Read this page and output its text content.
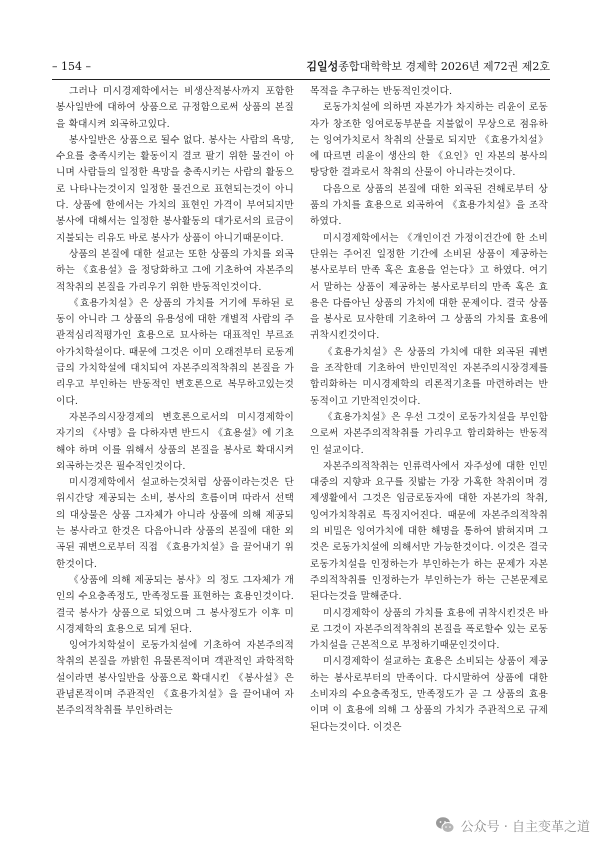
– 154 –	김일성종합대학학보 경제학 2026년 제72권 제2호

그러나 미시경제학에서는 비생산적봉사까지 포함한 봉사일반에 대하여 상품으로 규정함으로써 상품의 본질을 확대시켜 외곡하고있다.

봉사일반은 상품으로 될수 없다. 봉사는 사람의 욕망, 수요를 충족시키는 활동이지 결코 팔기 위한 물건이 아니며 사람들의 일정한 욕망을 충족시키는 사람의 활동으로 나타나는것이지 일정한 물건으로 표현되는것이 아니다. 상품에 한에서는 가치의 표현인 가격이 부여되지만 봉사에 대해서는 일정한 봉사활동의 대가로서의 료금이 지불되는 리유도 바로 봉사가 상품이 아니기때문이다.

상품의 본질에 대한 설교는 또한 상품의 가치를 외곡하는 《효용설》을 정당화하고 그에 기초하여 자본주의적착취의 본질을 가리우기 위한 반동적인것이다.

《효용가치설》은 상품의 가치를 거기에 투하된 로동이 아니라 그 상품의 유용성에 대한 개별적 사람의 주관적심리적평가인 효용으로 묘사하는 대표적인 부르죠아가치학설이다. 때문에 그것은 이미 오래전부터 로동계급의 가치학설에 대치되여 자본주의적착취의 본질을 가리우고 부인하는 반동적인 변호론으로 복무하고있는것이다.

자본주의시장경제의 변호론으로서의 미시경제학이 자기의 《사명》을 다하자면 반드시 《효용설》에 기초해야 하며 이를 위해서 상품의 본질을 봉사로 확대시켜 외곡하는것은 필수적인것이다.

미시경제학에서 설교하는것처럼 상품이라는것은 단위시간당 제공되는 소비, 봉사의 흐름이며 따라서 선택의 대상물은 상품 그자체가 아니라 상품에 의해 제공되는 봉사라고 한것은 다음아니라 상품의 본질에 대한 외곡된 궤변으로부터 직접 《효용가치설》을 끌어내기 위한것이다.

《상품에 의해 제공되는 봉사》의 정도 그자체가 개인의 수요충족정도, 만족정도를 표현하는 효용인것이다. 결국 봉사가 상품으로 되었으며 그 봉사정도가 이후 미시경제학의 효용으로 되게 된다.

잉여가치학설이 로동가치설에 기초하여 자본주의적착취의 본질을 까밝힌 유물론적이며 객관적인 과학적학설이라면 봉사일반을 상품으로 확대시킨 《봉사설》은 관념론적이며 주관적인 《효용가치설》을 끌어내여 자본주의적착취를 부인하려는

목적을 추구하는 반동적인것이다.

로동가치설에 의하면 자본가가 차지하는 리윤이 로동자가 창조한 잉여로동부분을 지불없이 무상으로 점유하는 잉여가치로서 착취의 산물로 되지만 《효용가치설》에 따르면 리윤이 생산의 한 《요인》인 자본의 봉사의 탕당한 결과로서 착취의 산물이 아니라는것이다.

다음으로 상품의 본질에 대한 외곡된 견해로부터 상품의 가치를 효용으로 외곡하여 《효용가치설》을 조작하였다.

미시경제학에서는 《개인이건 가정이건간에 한 소비단위는 주어진 일정한 기간에 소비된 상품이 제공하는 봉사로부터 만족 혹은 효용을 얻는다》고 하였다. 여기서 말하는 상품이 제공하는 봉사로부터의 만족 혹은 효용은 다름아닌 상품의 가치에 대한 문제이다. 결국 상품을 봉사로 묘사한데 기초하여 그 상품의 가치를 효용에 귀착시킨것이다.

《효용가치설》은 상품의 가치에 대한 외곡된 궤변을 조작한데 기초하여 반인민적인 자본주의시장경제를 합리화하는 미시경제학의 리론적기초를 마련하려는 반동적이고 기만적인것이다.

《효용가치설》은 우선 그것이 로동가치설을 부인함으로써 자본주의적착취를 가리우고 합리화하는 반동적인 설교이다.

자본주의적착취는 인류력사에서 자주성에 대한 인민대중의 지향과 요구를 짓밟는 가장 가혹한 착취이며 경제생활에서 그것은 임금로동자에 대한 자본가의 착취, 잉여가치착취로 특징지어진다. 때문에 자본주의적착취의 비밀은 잉여가치에 대한 해명을 통하여 밝혀지며 그것은 로동가치설에 의해서만 가능한것이다. 이것은 결국 로동가치설을 인정하는가 부인하는가 하는 문제가 자본주의적착취를 인정하는가 부인하는가 하는 근본문제로 된다는것을 말해준다.

미시경제학이 상품의 가치를 효용에 귀착시킨것은 바로 그것이 자본주의적착취의 본질을 폭로할수 있는 로동가치설을 근본적으로 부정하기때문인것이다.

미시경제학이 설교하는 효용은 소비되는 상품이 제공하는 봉사로부터의 만족이다. 다시말하여 상품에 대한 소비자의 수요충족정도, 만족정도가 곧 그 상품의 효용이며 이 효용에 의해 그 상품의 가치가 주관적으로 규제된다는것이다. 이것은

公众号 · 自主变革之道
